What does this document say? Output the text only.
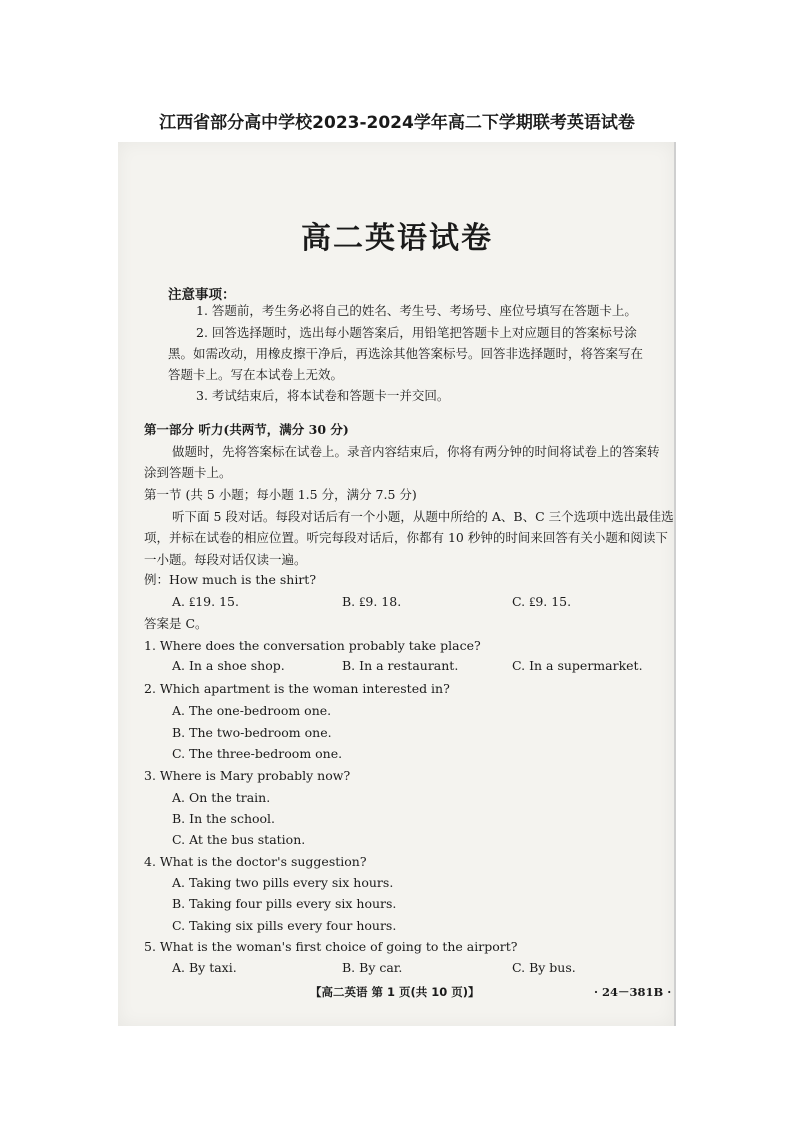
江西省部分高中学校2023-2024学年高二下学期联考英语试卷
高二英语试卷
注意事项：
1. 答题前，考生务必将自己的姓名、考生号、考场号、座位号填写在答题卡上。
2. 回答选择题时，选出每小题答案后，用铅笔把答题卡上对应题目的答案标号涂
黑。如需改动，用橡皮擦干净后，再选涂其他答案标号。回答非选择题时，将答案写在
答题卡上。写在本试卷上无效。
3. 考试结束后，将本试卷和答题卡一并交回。
第一部分 听力(共两节，满分 30 分)
做题时，先将答案标在试卷上。录音内容结束后，你将有两分钟的时间将试卷上的答案转
涂到答题卡上。
第一节 (共 5 小题；每小题 1.5 分，满分 7.5 分)
听下面 5 段对话。每段对话后有一个小题，从题中所给的 A、B、C 三个选项中选出最佳选
项，并标在试卷的相应位置。听完每段对话后，你都有 10 秒钟的时间来回答有关小题和阅读下
一小题。每段对话仅读一遍。
例：How much is the shirt?
A. ₤19. 15.	B. ₤9. 18.	C. ₤9. 15.
答案是 C。
1. Where does the conversation probably take place?
A. In a shoe shop.	B. In a restaurant.	C. In a supermarket.
2. Which apartment is the woman interested in?
A. The one-bedroom one.
B. The two-bedroom one.
C. The three-bedroom one.
3. Where is Mary probably now?
A. On the train.
B. In the school.
C. At the bus station.
4. What is the doctor's suggestion?
A. Taking two pills every six hours.
B. Taking four pills every six hours.
C. Taking six pills every four hours.
5. What is the woman's first choice of going to the airport?
A. By taxi.	B. By car.	C. By bus.
【高二英语 第 1 页(共 10 页)】	· 24－381B ·
